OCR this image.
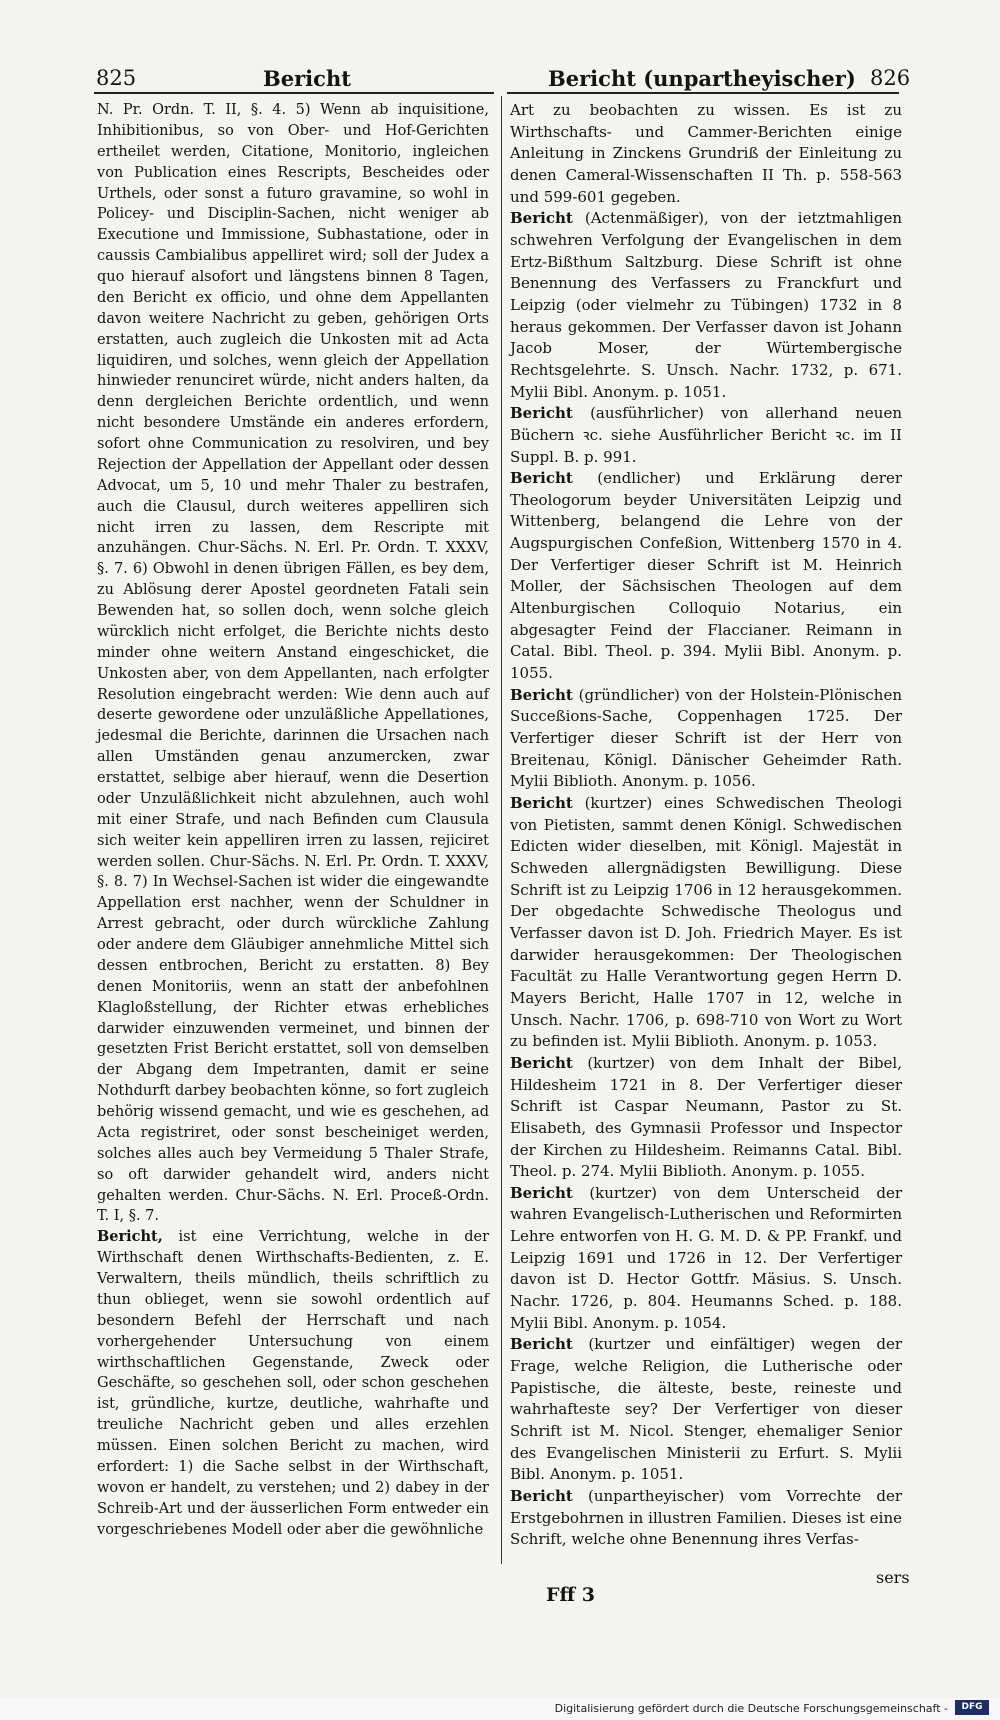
825	Bericht	Bericht (unpartheyischer) 826

N. Pr. Ordn. T. II, §. 4. 5) Wenn ab inquisitione, Inhibitionibus, so von Ober- und Hof-Gerichten ertheilet werden, Citatione, Monitorio, ingleichen von Publication eines Rescripts, Bescheides oder Urthels, oder sonst a futuro gravamine, so wohl in Policey- und Disciplin-Sachen, nicht weniger ab Executione und Immissione, Subhastatione, oder in caussis Cambialibus appelliret wird; soll der Judex a quo hierauf alsofort und längstens binnen 8 Tagen, den Bericht ex officio, und ohne dem Appellanten davon weitere Nachricht zu geben, gehörigen Orts erstatten, auch zugleich die Unkosten mit ad Acta liquidiren, und solches, wenn gleich der Appellation hinwieder renunciret würde, nicht anders halten, da denn dergleichen Berichte ordentlich, und wenn nicht besondere Umstände ein anderes erfordern, sofort ohne Communication zu resolviren, und bey Rejection der Appellation der Appellant oder dessen Advocat, um 5, 10 und mehr Thaler zu bestrafen, auch die Clausul, durch weiteres appelliren sich nicht irren zu lassen, dem Rescripte mit anzuhängen. Chur-Sächs. N. Erl. Pr. Ordn. T. XXXV, §. 7. 6) Obwohl in denen übrigen Fällen, es bey dem, zu Ablösung derer Apostel geordneten Fatali sein Bewenden hat, so sollen doch, wenn solche gleich würcklich nicht erfolget, die Berichte nichts desto minder ohne weitern Anstand eingeschicket, die Unkosten aber, von dem Appellanten, nach erfolgter Resolution eingebracht werden: Wie denn auch auf deserte gewordene oder unzuläßliche Appellationes, jedesmal die Berichte, darinnen die Ursachen nach allen Umständen genau anzumercken, zwar erstattet, selbige aber hierauf, wenn die Desertion oder Unzuläßlichkeit nicht abzulehnen, auch wohl mit einer Strafe, und nach Befinden cum Clausula sich weiter kein appelliren irren zu lassen, rejiciret werden sollen. Chur-Sächs. N. Erl. Pr. Ordn. T. XXXV, §. 8. 7) In Wechsel-Sachen ist wider die eingewandte Appellation erst nachher, wenn der Schuldner in Arrest gebracht, oder durch würckliche Zahlung oder andere dem Gläubiger annehmliche Mittel sich dessen entbrochen, Bericht zu erstatten. 8) Bey denen Monitoriis, wenn an statt der anbefohlnen Klagloßstellung, der Richter etwas erhebliches darwider einzuwenden vermeinet, und binnen der gesetzten Frist Bericht erstattet, soll von demselben der Abgang dem Impetranten, damit er seine Nothdurft darbey beobachten könne, so fort zugleich behörig wissend gemacht, und wie es geschehen, ad Acta registriret, oder sonst bescheiniget werden, solches alles auch bey Vermeidung 5 Thaler Strafe, so oft darwider gehandelt wird, anders nicht gehalten werden. Chur-Sächs. N. Erl. Proceß-Ordn. T. I, §. 7.

Bericht, ist eine Verrichtung, welche in der Wirthschaft denen Wirthschafts-Bedienten, z. E. Verwaltern, theils mündlich, theils schriftlich zu thun oblieget, wenn sie sowohl ordentlich auf besondern Befehl der Herrschaft und nach vorhergehender Untersuchung von einem wirthschaftlichen Gegenstande, Zweck oder Geschäfte, so geschehen soll, oder schon geschehen ist, gründliche, kurtze, deutliche, wahrhafte und treuliche Nachricht geben und alles erzehlen müssen. Einen solchen Bericht zu machen, wird erfordert: 1) die Sache selbst in der Wirthschaft, wovon er handelt, zu verstehen; und 2) dabey in der Schreib-Art und der äusserlichen Form entweder ein vorgeschriebenes Modell oder aber die gewöhnliche

Art zu beobachten zu wissen. Es ist zu Wirthschafts- und Cammer-Berichten einige Anleitung in Zinckens Grundriß der Einleitung zu denen Cameral-Wissenschaften II Th. p. 558-563 und 599-601 gegeben.

Bericht (Actenmäßiger), von der ietztmahligen schwehren Verfolgung der Evangelischen in dem Ertz-Bißthum Saltzburg. Diese Schrift ist ohne Benennung des Verfassers zu Franckfurt und Leipzig (oder vielmehr zu Tübingen) 1732 in 8 heraus gekommen. Der Verfasser davon ist Johann Jacob Moser, der Würtembergische Rechtsgelehrte. S. Unsch. Nachr. 1732, p. 671. Mylii Bibl. Anonym. p. 1051.

Bericht (ausführlicher) von allerhand neuen Büchern ꝛc. siehe Ausführlicher Bericht ꝛc. im II Suppl. B. p. 991.

Bericht (endlicher) und Erklärung derer Theologorum beyder Universitäten Leipzig und Wittenberg, belangend die Lehre von der Augspurgischen Confeßion, Wittenberg 1570 in 4. Der Verfertiger dieser Schrift ist M. Heinrich Moller, der Sächsischen Theologen auf dem Altenburgischen Colloquio Notarius, ein abgesagter Feind der Flaccianer. Reimann in Catal. Bibl. Theol. p. 394. Mylii Bibl. Anonym. p. 1055.

Bericht (gründlicher) von der Holstein-Plönischen Succeßions-Sache, Coppenhagen 1725. Der Verfertiger dieser Schrift ist der Herr von Breitenau, Königl. Dänischer Geheimder Rath. Mylii Biblioth. Anonym. p. 1056.

Bericht (kurtzer) eines Schwedischen Theologi von Pietisten, sammt denen Königl. Schwedischen Edicten wider dieselben, mit Königl. Majestät in Schweden allergnädigsten Bewilligung. Diese Schrift ist zu Leipzig 1706 in 12 herausgekommen. Der obgedachte Schwedische Theologus und Verfasser davon ist D. Joh. Friedrich Mayer. Es ist darwider herausgekommen: Der Theologischen Facultät zu Halle Verantwortung gegen Herrn D. Mayers Bericht, Halle 1707 in 12, welche in Unsch. Nachr. 1706, p. 698-710 von Wort zu Wort zu befinden ist. Mylii Biblioth. Anonym. p. 1053.

Bericht (kurtzer) von dem Inhalt der Bibel, Hildesheim 1721 in 8. Der Verfertiger dieser Schrift ist Caspar Neumann, Pastor zu St. Elisabeth, des Gymnasii Professor und Inspector der Kirchen zu Hildesheim. Reimanns Catal. Bibl. Theol. p. 274. Mylii Biblioth. Anonym. p. 1055.

Bericht (kurtzer) von dem Unterscheid der wahren Evangelisch-Lutherischen und Reformirten Lehre entworfen von H. G. M. D. & PP. Frankf. und Leipzig 1691 und 1726 in 12. Der Verfertiger davon ist D. Hector Gottfr. Mäsius. S. Unsch. Nachr. 1726, p. 804. Heumanns Sched. p. 188. Mylii Bibl. Anonym. p. 1054.

Bericht (kurtzer und einfältiger) wegen der Frage, welche Religion, die Lutherische oder Papistische, die älteste, beste, reineste und wahrhafteste sey? Der Verfertiger von dieser Schrift ist M. Nicol. Stenger, ehemaliger Senior des Evangelischen Ministerii zu Erfurt. S. Mylii Bibl. Anonym. p. 1051.

Bericht (unpartheyischer) vom Vorrechte der Erstgebohrnen in illustren Familien. Dieses ist eine Schrift, welche ohne Benennung ihres Verfas-

sers
Fff 3
Digitalisierung gefördert durch die Deutsche Forschungsgemeinschaft -	DFG
